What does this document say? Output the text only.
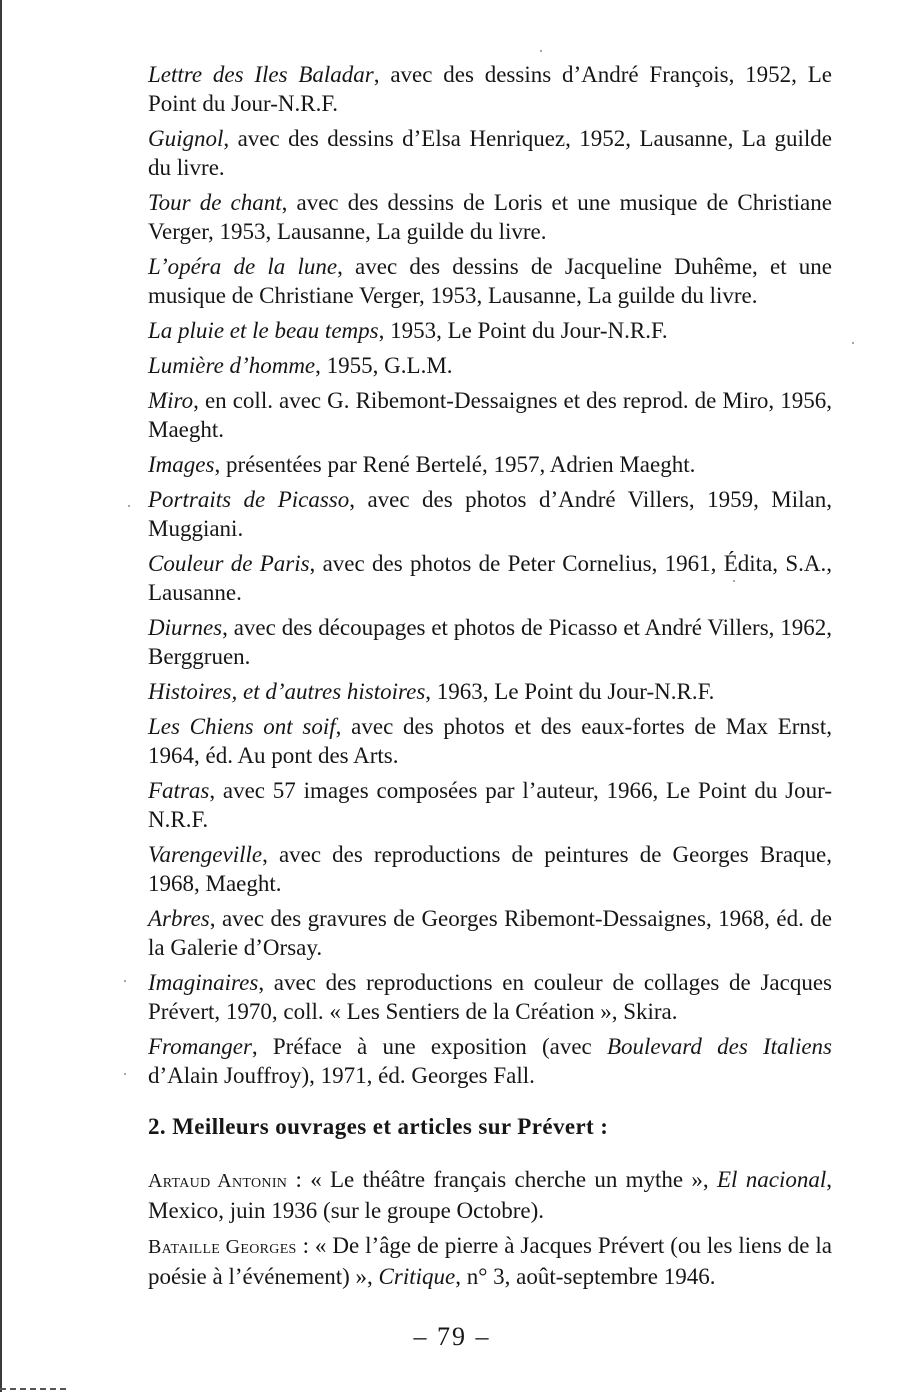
Lettre des Iles Baladar, avec des dessins d’André François, 1952, Le Point du Jour-N.R.F.

Guignol, avec des dessins d’Elsa Henriquez, 1952, Lausanne, La guilde du livre.

Tour de chant, avec des dessins de Loris et une musique de Christiane Verger, 1953, Lausanne, La guilde du livre.

L’opéra de la lune, avec des dessins de Jacqueline Duhême, et une musique de Christiane Verger, 1953, Lausanne, La guilde du livre.

La pluie et le beau temps, 1953, Le Point du Jour-N.R.F.

Lumière d’homme, 1955, G.L.M.

Miro, en coll. avec G. Ribemont-Dessaignes et des reprod. de Miro, 1956, Maeght.

Images, présentées par René Bertelé, 1957, Adrien Maeght.

Portraits de Picasso, avec des photos d’André Villers, 1959, Milan, Muggiani.

Couleur de Paris, avec des photos de Peter Cornelius, 1961, Édita, S.A., Lausanne.

Diurnes, avec des découpages et photos de Picasso et André Villers, 1962, Berggruen.

Histoires, et d’autres histoires, 1963, Le Point du Jour-N.R.F.

Les Chiens ont soif, avec des photos et des eaux-fortes de Max Ernst, 1964, éd. Au pont des Arts.

Fatras, avec 57 images composées par l’auteur, 1966, Le Point du Jour-N.R.F.

Varengeville, avec des reproductions de peintures de Georges Braque, 1968, Maeght.

Arbres, avec des gravures de Georges Ribemont-Dessaignes, 1968, éd. de la Galerie d’Orsay.

Imaginaires, avec des reproductions en couleur de collages de Jacques Prévert, 1970, coll. « Les Sentiers de la Création », Skira.

Fromanger, Préface à une exposition (avec Boulevard des Italiens d’Alain Jouffroy), 1971, éd. Georges Fall.

2. Meilleurs ouvrages et articles sur Prévert :

Artaud Antonin : « Le théâtre français cherche un mythe », El nacional, Mexico, juin 1936 (sur le groupe Octobre).

Bataille Georges : « De l’âge de pierre à Jacques Prévert (ou les liens de la poésie à l’événement) », Critique, n° 3, août-septembre 1946.

– 79 –
